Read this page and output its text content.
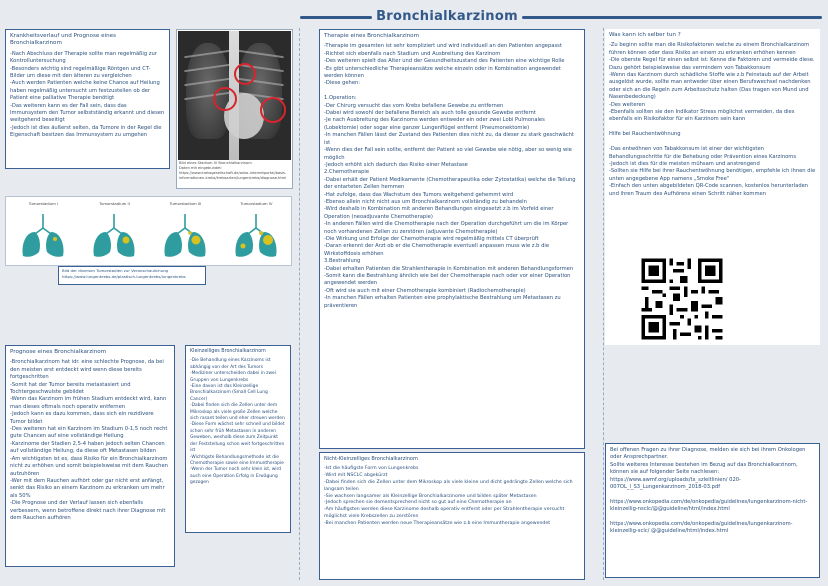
Bronchialkarzinom
Krankheitsverlauf und Prognose eines Bronchialkarzinom

-Nach Abschluss der Therapie sollte man regelmäßig zur Kontrolluntersuchung

-Besonders wichtig sind regelmäßige Röntgen und CT-Bilder um diese mit den älteren zu vergleichen

-Auch werden Patienten welche keine Chance auf Heilung haben regelmäßig untersucht um festzustellen ob der Patient eine palliative Therapie benötigt

-Das weiteren kann es der Fall sein, dass das Immunsystem den Tumor selbstständig erkannt und diesen weitgehend beseitigt

-Jedoch ist dies äußerst selten, da Tumore in der Regel die Eigenschaft besitzen das Immunsystem zu umgehen

Bild eines Stadium IV Bronchialkarzinom
Daten mit eingebundet: https://www.krebsgesellschaft.de/onko-internetportal/basis-informationen-krebs/krebsarten/lungenkrebs/diagnose.html
Therapie eines Bronchialkarzinom

-Therapie im gesamten ist sehr kompliziert und wird individuell an den Patienten angepasst

-Richtet sich ebenfalls nach Stadium und Ausbreitung des Karzinom

-Des weiteren spielt das Alter und der Gesundheitszustand des Patienten eine wichtige Rolle

-Es gibt unterschiedliche Therapieansätze welche einzeln oder in Kombination angewendet werden können

-Diese gehen:

1.Operation:

-Der Chirurg versucht das vom Krebs befallene Gewebe zu entfernen

-Dabei wird sowohl der befallene Bereich als auch tolle gesunde Gewebe entfernt

-Je nach Ausbreitung des Karzinoms werden entweder ein oder zwei Lobi Pulmonales (Lobektomie) oder sogar eine ganzer Lungenflügel entfernt (Pneumonektomie)

-In manchen Fällen lässt der Zustand des Patienten dies nicht zu, da dieser zu stark geschwächt ist

-Wenn dies der Fall sein sollte, entfernt der Patient so viel Gewebe wie nötig, aber so wenig wie möglich

-Jedoch erhöht sich dadurch das Risiko einer Metastase

2.Chemotherapie

-Dabei erhält der Patient Medikamente (Chemotherapeutika oder Zytostatika) welche die Teilung der entarteten Zellen hemmen

-Hat zufolge, dass das Wachstum des Tumors weitgehend gehemmt wird

-Ebenso allein nicht nicht aus um Bronchialkarzinom vollständig zu behandeln

-Wird deshalb in Kombination mit anderen Behandlungen eingesetzt z.b im Vorfeld einer Operation (neoadjuvante Chemotherapie)

-In anderen Fällen wird die Chemotherapie nach der Operation durchgeführt um die im Körper noch vorhandenen Zellen zu zerstören (adjuvante Chemotherapie)

-Die Wirkung und Erfolge der Chemotherapie wird regelmäßig mittels CT überprüft

-Daran erkennt der Arzt ob er die Chemotherapie eventuell anpassen muss wie z.b die Wirkstoffdosis erhöhen

3.Bestrahlung

-Dabei erhalten Patienten die Strahlentherapie in Kombination mit anderen Behandlungsformen

-Somit kann die Bestrahlung ähnlich wie bei der Chemotherapie nach oder vor einer Operation angewendet werden

-Oft wird sie auch mit einer Chemotherapie kombiniert (Radiochemotherapie)

-In manchen Fällen erhalten Patienten eine prophylaktische Bestrahlung um Metastasen zu präventieren

Was kann ich selber tun ?

-Zu beginn sollte man die Risikofaktoren welche zu einem Bronchialkarzinom führen können oder dass Risiko an einem zu erkranken erhöhen kennen

-Die oberste Regel für einen selbst ist: Kenne die Faktoren und vermeide diese. Dazu gehört beispielsweise das vermindern von Tabakkonsum

-Wenn das Karzinom durch schädliche Stoffe wie z.b Feinstaub auf der Arbeit ausgelöst wurde, sollte man entweder über einen Berufswechsel nachdenken oder sich an die Regeln zum Arbeitsschutz halten (Das tragen von Mund und Nasenbedeckung)

-Des weiteren

-Ebenfalls sollten sie den Indikator Stress möglichst vermeiden, da dies ebenfalls ein Risikofaktor für ein Karzinom sein kann

Hilfe bei Rauchentwöhnung

-Das entwöhnen von Tabakkonsum ist einer der wichtigsten Behandlungsschritte für die Behebung oder Prävention eines Karzinoms

-Jedoch ist dies für die meisten mühsam und anstrengend

-Sollten sie Hilfe bei ihrer Rauchentwöhnung benötigen, empfehle ich ihnen die unten angegebene App namens „Smoke Free"

-Einfach den unten abgebildeten QR-Code scannen, kostenlos herunterladen und ihren Traum des Aufhörens einen Schritt näher kommen

Tumorstadium I	Tumorstadium II	Tumorstadium III	Tumorstadium IV
Bild der diversen Tumorstadien zur Veranschaulichung
https://www.lungenkrebs.de/plastisch-lungenkrebs/lungenkrebs
Prognose eines Bronchialkarzinom

-Bronchialkarzinom hat idr. eine schlechte Prognose, da bei den meisten erst entdeckt wird wenn diese bereits fortgeschritten

-Somit hat der Tumor bereits metastasiert und Tochtergeschwulste gebildet

-Wenn das Karzinom im frühen Stadium entdeckt wird, kann man dieses oftmals noch operativ entfernen

-Jedoch kann es dazu kommen, dass sich ein rezidivere Tumor bildet

-Des weiteren hat ein Karzinom im Stadium 0-1,5 noch recht gute Chancen auf eine vollständige Heilung

-Karzinome der Stadien 2,5-4 haben jedoch selten Chancen auf vollständige Heilung, da diese oft Metastasen bilden

-Am wichtigsten ist es, dass Risiko für ein Bronchialkarzinom nicht zu erhöhen und somit beispielsweise mit dem Rauchen aufzuhören

-Wer mit dem Rauchen aufhört oder gar nicht erst anfängt, senkt das Risiko an einem Karzinom zu erkranken um mehr als 50%

-Die Prognose und der Verlauf lassen sich ebenfalls verbessern, wenn betroffene direkt nach ihrer Diagnose mit dem Rauchen aufhören

Kleinzelliges Bronchialkarzinom

-Die Behandlung eines Karzinoms ist abhängig von der Art des Tumors

-Mediziner unterscheiden dabei in zwei Gruppen von Lungenkrebs

-Eine davon ist das Kleinzellige Bronchialkarzinom (Small Cell Lung Cancer)

-Dabei finden sich die Zellen unter dem Mikroskop als viele große Zellen welche sich rasant teilen und eher streuen werden

-Diese Form wächst sehr schnell und bildet schon sehr früh Metastasen in anderen Geweben, weshalb diese zum Zeitpunkt der Feststellung schon weit fortgeschritten ist

-Wichtigste Behandlungsmethode ist die Chemotherapie sowie eine Immuntherapie

-Wenn der Tumor noch sehr klein ist, wird auch eine Operation Erfolg in Erwägung gezogen

Nicht-Kleinzelliges Bronchialkarzinom

-Ist die häufigste Form von Lungenkrebs

-Wird mit NSCLC abgekürzt

-Dabei finden sich die Zellen unter dem Mikroskop als viele kleine und dicht gedrängte Zellen welche sich langsam teilen

-Sie wachsen langsamer als Kleinzellige Bronchialkarzinome und bilden später Metastasen

-Jedoch sprechen sie dementsprechend nicht so gut auf eine Chemotherapie an

-Am häufigsten werden diese Karzinome deshalb operativ entfernt oder per Strahlentherapie versucht möglichst viele Krebszellen zu zerstören

-Bei manchen Patienten werden neue Therapieansätze wie z.b eine Immuntherapie angewendet

Bei offenen Fragen zu ihrer Diagnose, melden sie sich bei ihrem Onkologen oder Ansprechpartner.

Sollte weiteres Interesse bestehen im Bezug auf das Bronchialkarzinom, können sie auf folgender Seite nachlesen:

https://www.awmf.org/uploads/tx_szleitlinien/ 020-007OL_l_S3_Lungenkarzinom_2018-03.pdf

https://www.onkopedia.com/de/onkopedia/guidelines/lungenkarzinom-nicht-kleinzellig-nsclc/@@guideline/html/index.html

https://www.onkopedia.com/de/onkopedia/guidelines/lungenkarzinom-kleinzellig-sclc/ @@guideline/html/index.html
